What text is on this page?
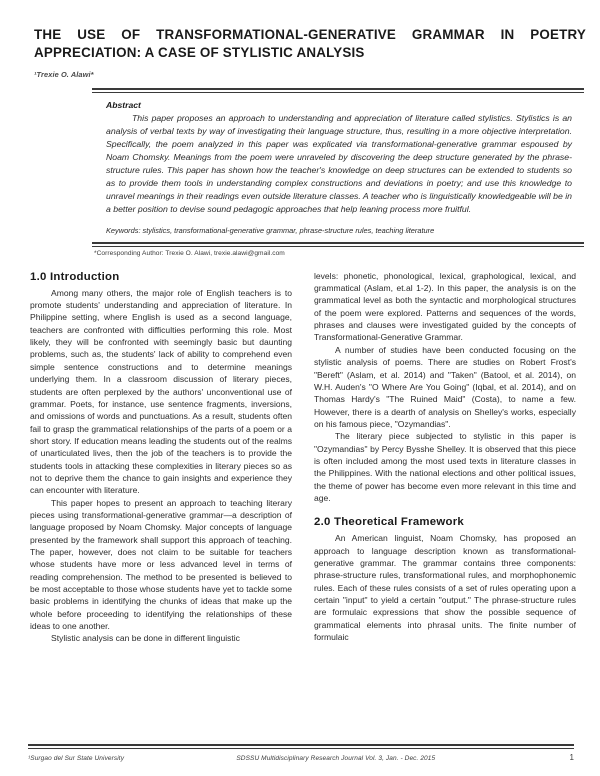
THE USE OF TRANSFORMATIONAL-GENERATIVE GRAMMAR IN POETRY
APPRECIATION: A CASE OF STYLISTIC ANALYSIS
¹Trexie O. Alawi*
Abstract
This paper proposes an approach to understanding and appreciation of literature called stylistics. Stylistics is an analysis of verbal texts by way of investigating their language structure, thus, resulting in a more objective interpretation. Specifically, the poem analyzed in this paper was explicated via transformational-generative grammar espoused by Noam Chomsky. Meanings from the poem were unraveled by discovering the deep structure generated by the phrase-structure rules. This paper has shown how the teacher's knowledge on deep structures can be extended to students so as to provide them tools in understanding complex constructions and deviations in poetry; and use this knowledge to unravel meanings in their readings even outside literature classes. A teacher who is linguistically knowledgeable will be in a better position to devise sound pedagogic approaches that help leaning process more fruitful.
Keywords: stylistics, transformational-generative grammar, phrase-structure rules, teaching literature
*Corresponding Author: Trexie O. Alawi, trexie.alawi@gmail.com
1.0 Introduction

Among many others, the major role of English teachers is to promote students' understanding and appreciation of literature. In Philippine setting, where English is used as a second language, teachers are confronted with difficulties performing this role. Most likely, they will be confronted with seemingly basic but daunting problems, such as, the students' lack of ability to comprehend even simple sentence constructions and to determine meanings underlying them. In a classroom discussion of literary pieces, students are often perplexed by the authors' unconventional use of grammar. Poets, for instance, use sentence fragments, inversions, and omissions of words and punctuations. As a result, students often fail to grasp the grammatical relationships of the parts of a poem or a short story. If education means leading the students out of the realms of unarticulated lives, then the job of the teachers is to provide the students tools in attacking these complexities in literary pieces so as not to deprive them the chance to gain insights and experience they can encounter with literature.

This paper hopes to present an approach to teaching literary pieces using transformational-generative grammar—a description of language proposed by Noam Chomsky. Major concepts of language presented by the framework shall support this approach of teaching. The paper, however, does not claim to be suitable for teachers whose students have more or less advanced level in terms of reading comprehension. The method to be presented is believed to be most acceptable to those whose students have yet to tackle some basic problems in identifying the chunks of ideas that make up the whole before proceeding to identifying the relationships of these ideas to one another.

Stylistic analysis can be done in different linguistic

levels: phonetic, phonological, lexical, graphological, lexical, and grammatical (Aslam, et.al 1-2). In this paper, the analysis is on the grammatical level as both the syntactic and morphological structures of the poem were explored. Patterns and sequences of the words, phrases and clauses were investigated guided by the concepts of Transformational-Generative Grammar.

A number of studies have been conducted focusing on the stylistic analysis of poems. There are studies on Robert Frost's "Bereft" (Aslam, et al. 2014) and "Taken" (Batool, et al. 2014), on W.H. Auden's "O Where Are You Going" (Iqbal, et al. 2014), and on Thomas Hardy's "The Ruined Maid" (Costa), to name a few. However, there is a dearth of analysis on Shelley's works, especially on his famous piece, "Ozymandias".

The literary piece subjected to stylistic in this paper is "Ozymandias" by Percy Bysshe Shelley. It is observed that this piece is often included among the most used texts in literature classes in the Philippines. With the national elections and other political issues, the theme of power has become even more relevant in this time and age.

2.0 Theoretical Framework

An American linguist, Noam Chomsky, has proposed an approach to language description known as transformational-generative grammar. The grammar contains three components: phrase-structure rules, transformational rules, and morphophonemic rules. Each of these rules consists of a set of rules operating upon a certain "input" to yield a certain "output." The phrase-structure rules are formulaic expressions that show the possible sequence of grammatical elements into phrasal units. The finite number of formulaic

¹Surgao del Sur State University	SDSSU Multidisciplinary Research Journal Vol. 3, Jan. - Dec. 2015	1
